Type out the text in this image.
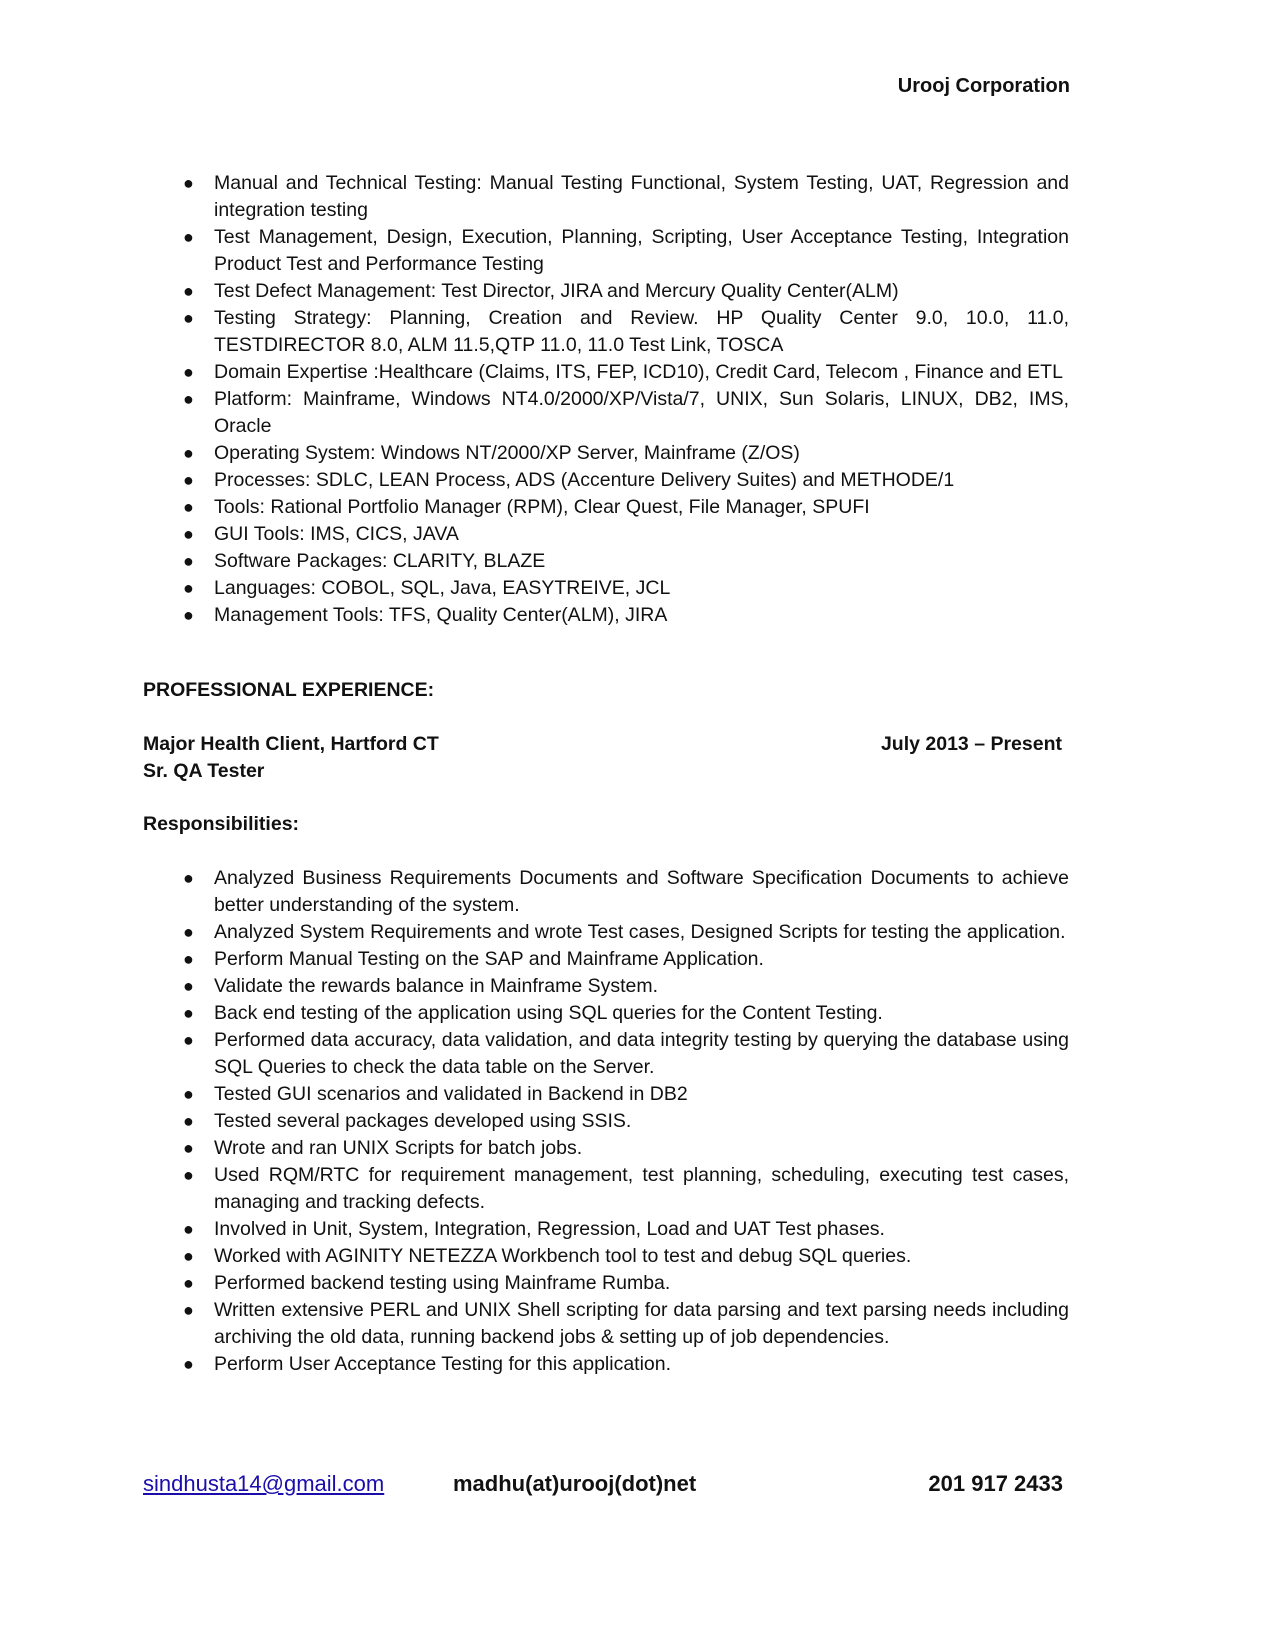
Urooj Corporation
● Manual and Technical Testing: Manual Testing Functional, System Testing, UAT, Regression and integration testing
● Test Management, Design, Execution, Planning, Scripting, User Acceptance Testing, Integration Product Test and Performance Testing
● Test Defect Management: Test Director, JIRA and Mercury Quality Center(ALM)
● Testing Strategy: Planning, Creation and Review. HP Quality Center 9.0, 10.0, 11.0, TESTDIRECTOR 8.0, ALM 11.5,QTP 11.0, 11.0 Test Link, TOSCA
● Domain Expertise :Healthcare (Claims, ITS, FEP, ICD10), Credit Card, Telecom , Finance and ETL
● Platform: Mainframe, Windows NT4.0/2000/XP/Vista/7, UNIX, Sun Solaris, LINUX, DB2, IMS, Oracle
● Operating System: Windows NT/2000/XP Server, Mainframe (Z/OS)
● Processes: SDLC, LEAN Process, ADS (Accenture Delivery Suites) and METHODE/1
● Tools: Rational Portfolio Manager (RPM), Clear Quest, File Manager, SPUFI
● GUI Tools: IMS, CICS, JAVA
● Software Packages: CLARITY, BLAZE
● Languages: COBOL, SQL, Java, EASYTREIVE, JCL
● Management Tools: TFS, Quality Center(ALM), JIRA
PROFESSIONAL EXPERIENCE:
Major Health Client, Hartford CT	July 2013 – Present
Sr. QA Tester
Responsibilities:
● Analyzed Business Requirements Documents and Software Specification Documents to achieve better understanding of the system.
● Analyzed System Requirements and wrote Test cases, Designed Scripts for testing the application.
● Perform Manual Testing on the SAP and Mainframe Application.
● Validate the rewards balance in Mainframe System.
● Back end testing of the application using SQL queries for the Content Testing.
● Performed data accuracy, data validation, and data integrity testing by querying the database using SQL Queries to check the data table on the Server.
● Tested GUI scenarios and validated in Backend in DB2
● Tested several packages developed using SSIS.
● Wrote and ran UNIX Scripts for batch jobs.
● Used RQM/RTC for requirement management, test planning, scheduling, executing test cases, managing and tracking defects.
● Involved in Unit, System, Integration, Regression, Load and UAT Test phases.
● Worked with AGINITY NETEZZA Workbench tool to test and debug SQL queries.
● Performed backend testing using Mainframe Rumba.
● Written extensive PERL and UNIX Shell scripting for data parsing and text parsing needs including archiving the old data, running backend jobs & setting up of job dependencies.
● Perform User Acceptance Testing for this application.
sindhusta14@gmail.com	madhu(at)urooj(dot)net	201 917 2433
